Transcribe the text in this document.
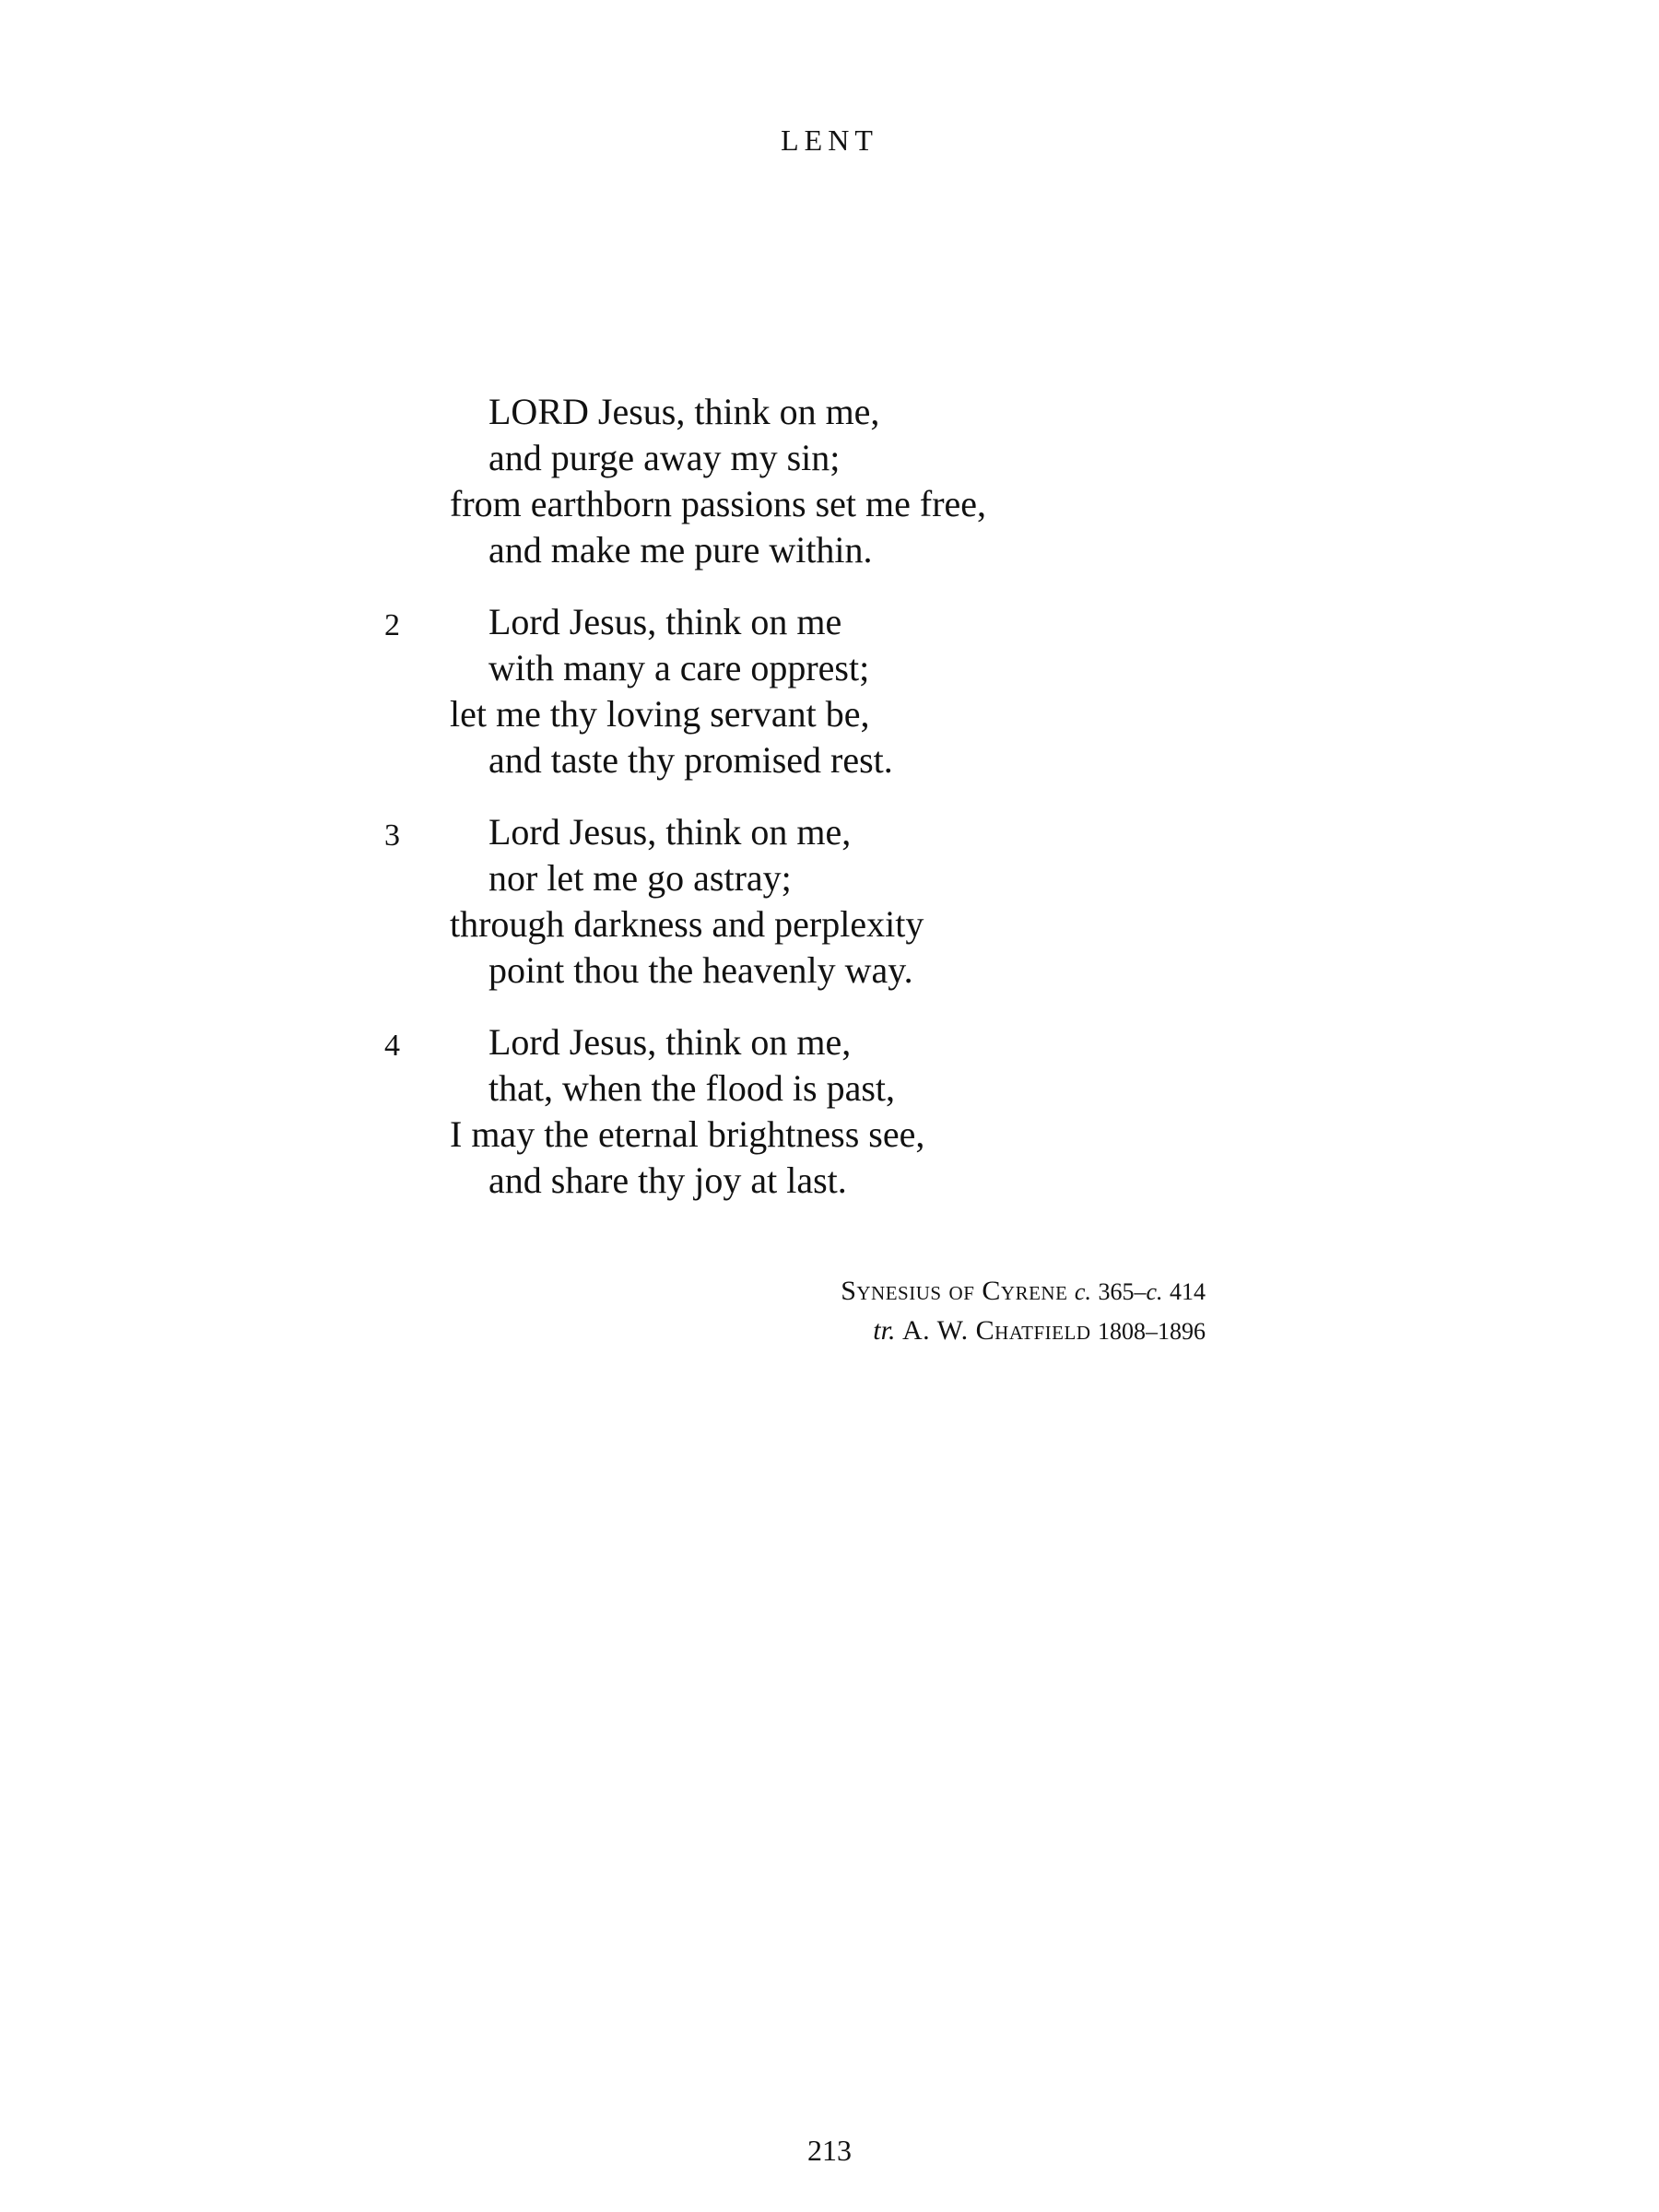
LENT
LORD Jesus, think on me,
and purge away my sin;
from earthborn passions set me free,
and make me pure within.
2	Lord Jesus, think on me
with many a care opprest;
let me thy loving servant be,
and taste thy promised rest.
3	Lord Jesus, think on me,
nor let me go astray;
through darkness and perplexity
point thou the heavenly way.
4	Lord Jesus, think on me,
that, when the flood is past,
I may the eternal brightness see,
and share thy joy at last.
Synesius of Cyrene c. 365–c. 414
tr. A. W. Chatfield 1808–1896
213
